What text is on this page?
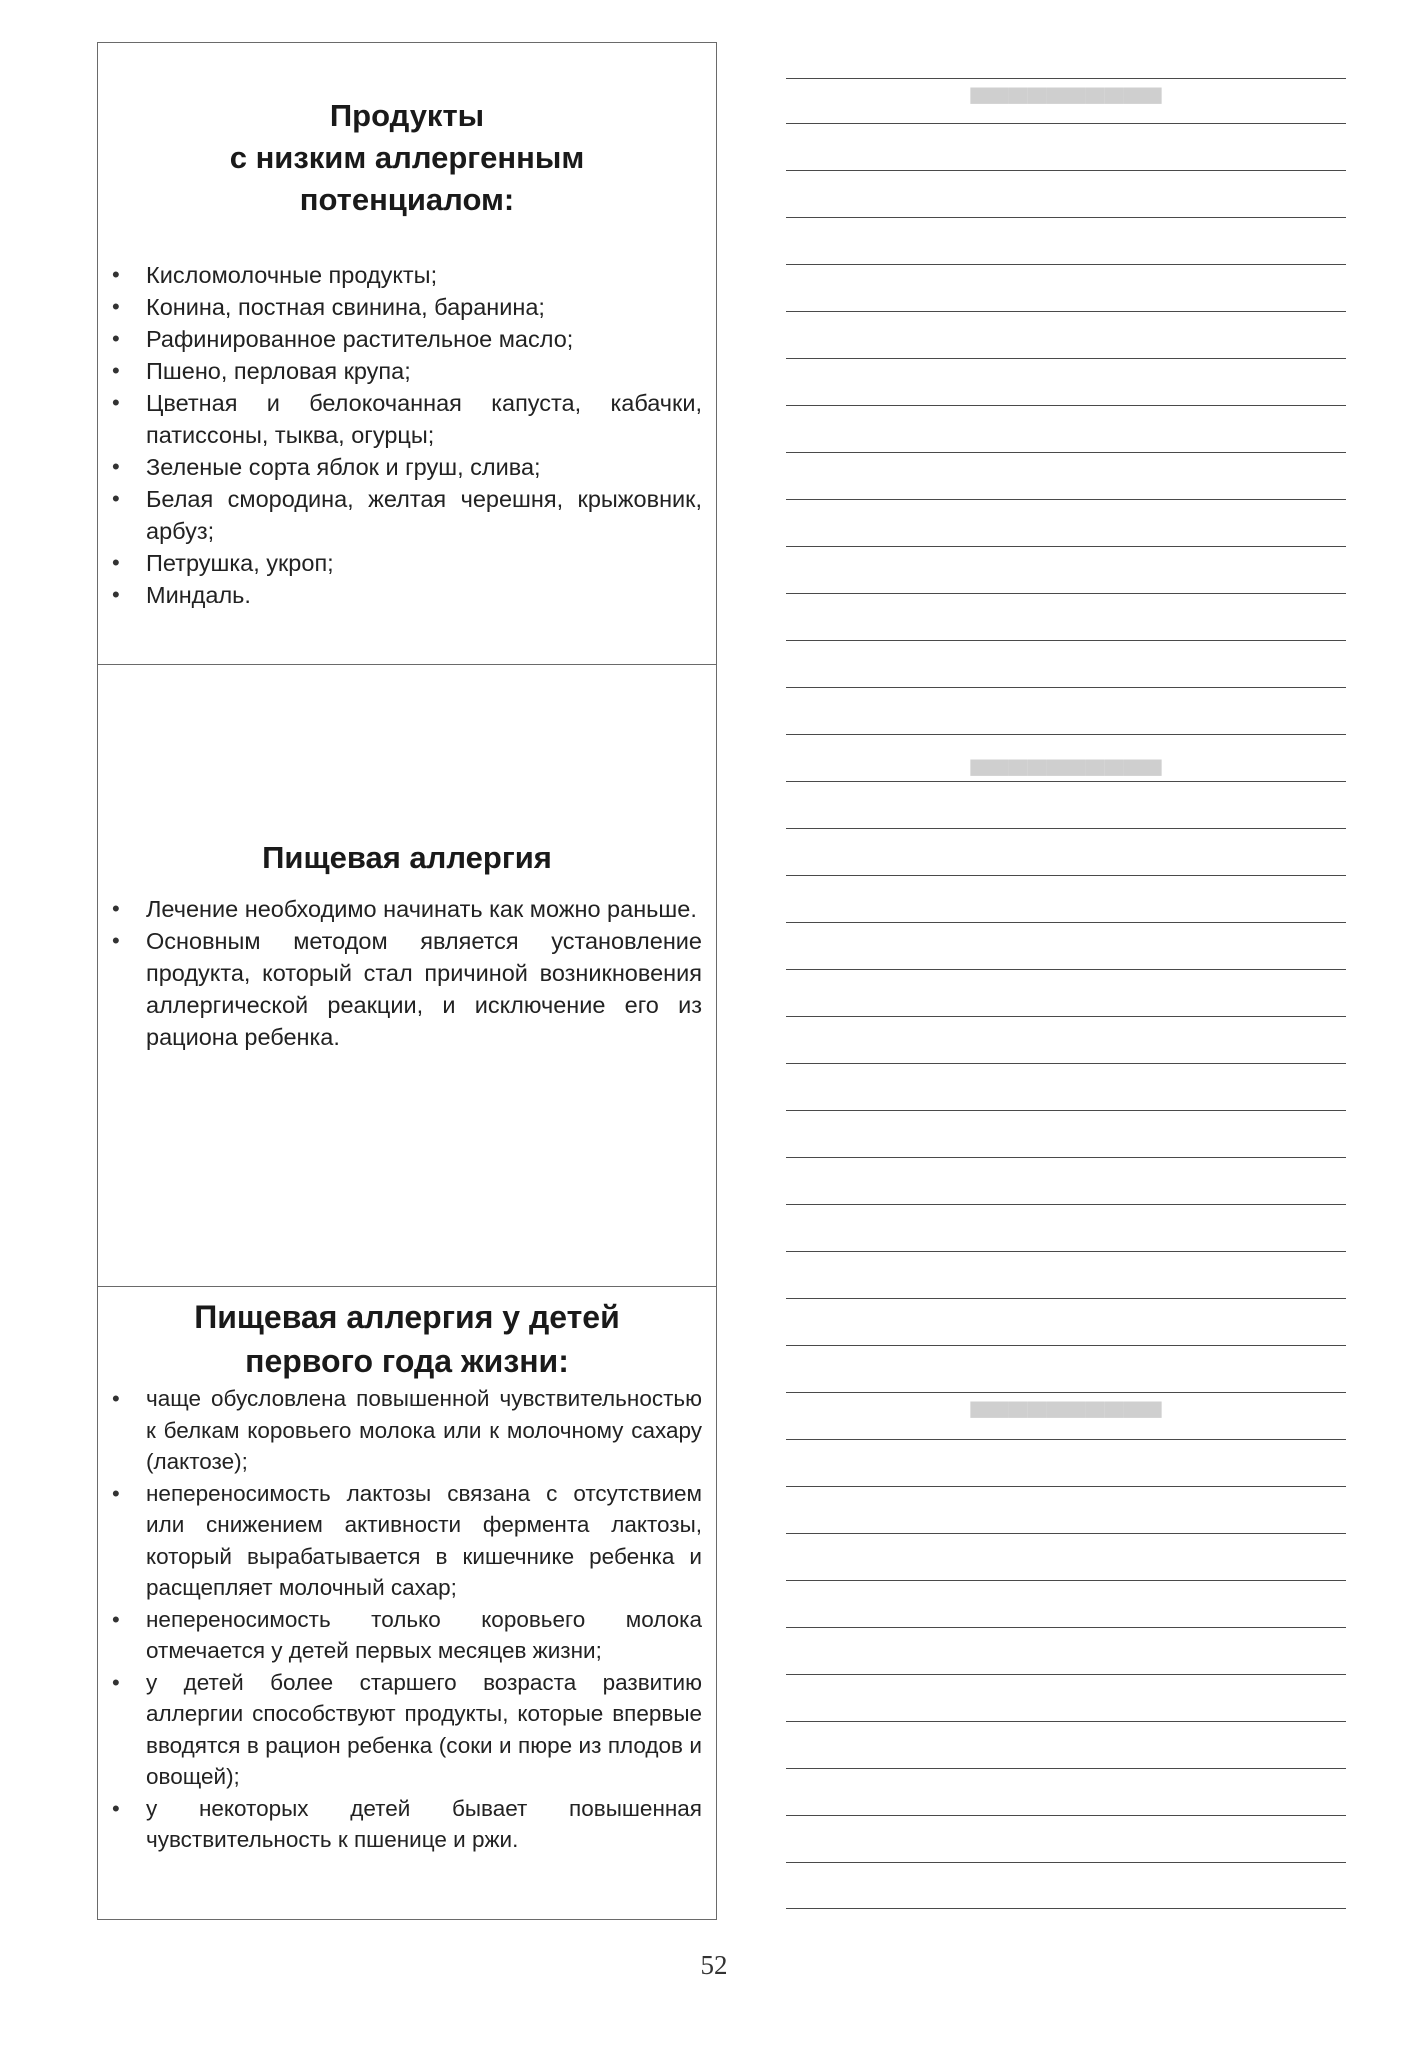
Продукты
с низким аллергенным
потенциалом:
• Кисломолочные продукты;
• Конина, постная свинина, баранина;
• Рафинированное растительное масло;
• Пшено, перловая крупа;
• Цветная и белокочанная капуста, кабачки, патиссоны, тыква, огурцы;
• Зеленые сорта яблок и груш, слива;
• Белая смородина, желтая черешня, крыжовник, арбуз;
• Петрушка, укроп;
• Миндаль.
Пищевая аллергия
• Лечение необходимо начинать как можно раньше.
• Основным методом является установление продукта, который стал причиной возникновения аллергической реакции, и исключение его из рациона ребенка.
Пищевая аллергия у детей
первого года жизни:
• чаще обусловлена повышенной чувствительностью к белкам коровьего молока или к молочному сахару (лактозе);
• непереносимость лактозы связана с отсутствием или снижением активности фермента лактозы, который вырабатывается в кишечнике ребенка и расщепляет молочный сахар;
• непереносимость только коровьего молока отмечается у детей первых месяцев жизни;
• у детей более старшего возраста развитию аллергии способствуют продукты, которые впервые вводятся в рацион ребенка (соки и пюре из плодов и овощей);
• у некоторых детей бывает повышенная чувствительность к пшенице и ржи.
▀▀▀▀▀▀▀▀▀▀
▀▀▀▀▀▀▀▀▀▀
▀▀▀▀▀▀▀▀▀▀
52
